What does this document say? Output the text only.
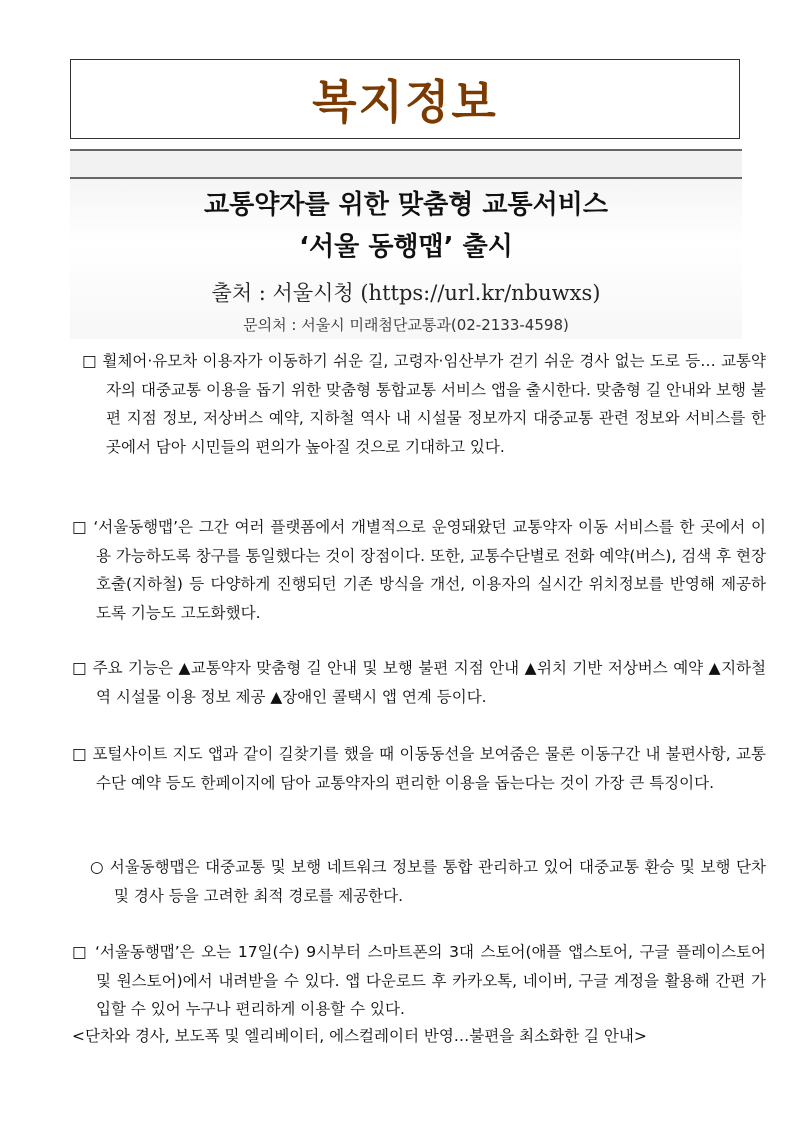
복지정보
교통약자를 위한 맞춤형 교통서비스
‘서울 동행맵’ 출시
출처 : 서울시청 (https://url.kr/nbuwxs)
문의처 : 서울시 미래첨단교통과(02-2133-4598)
□ 휠체어·유모차 이용자가 이동하기 쉬운 길, 고령자·임산부가 걷기 쉬운 경사 없는 도로 등… 교통약자의 대중교통 이용을 돕기 위한 맞춤형 통합교통 서비스 앱을 출시한다. 맞춤형 길 안내와 보행 불편 지점 정보, 저상버스 예약, 지하철 역사 내 시설물 정보까지 대중교통 관련 정보와 서비스를 한 곳에서 담아 시민들의 편의가 높아질 것으로 기대하고 있다.
□ ‘서울동행맵’은 그간 여러 플랫폼에서 개별적으로 운영돼왔던 교통약자 이동 서비스를 한 곳에서 이용 가능하도록 창구를 통일했다는 것이 장점이다. 또한, 교통수단별로 전화 예약(버스), 검색 후 현장 호출(지하철) 등 다양하게 진행되던 기존 방식을 개선, 이용자의 실시간 위치정보를 반영해 제공하도록 기능도 고도화했다.
□ 주요 기능은 ▲교통약자 맞춤형 길 안내 및 보행 불편 지점 안내 ▲위치 기반 저상버스 예약 ▲지하철역 시설물 이용 정보 제공 ▲장애인 콜택시 앱 연계 등이다.
□ 포털사이트 지도 앱과 같이 길찾기를 했을 때 이동동선을 보여줌은 물론 이동구간 내 불편사항, 교통 수단 예약 등도 한페이지에 담아 교통약자의 편리한 이용을 돕는다는 것이 가장 큰 특징이다.
○ 서울동행맵은 대중교통 및 보행 네트워크 정보를 통합 관리하고 있어 대중교통 환승 및 보행 단차 및 경사 등을 고려한 최적 경로를 제공한다.
□ ‘서울동행맵’은 오는 17일(수) 9시부터 스마트폰의 3대 스토어(애플 앱스토어, 구글 플레이스토어 및 원스토어)에서 내려받을 수 있다. 앱 다운로드 후 카카오톡, 네이버, 구글 계정을 활용해 간편 가입할 수 있어 누구나 편리하게 이용할 수 있다.
<단차와 경사, 보도폭 및 엘리베이터, 에스컬레이터 반영…불편을 최소화한 길 안내>
